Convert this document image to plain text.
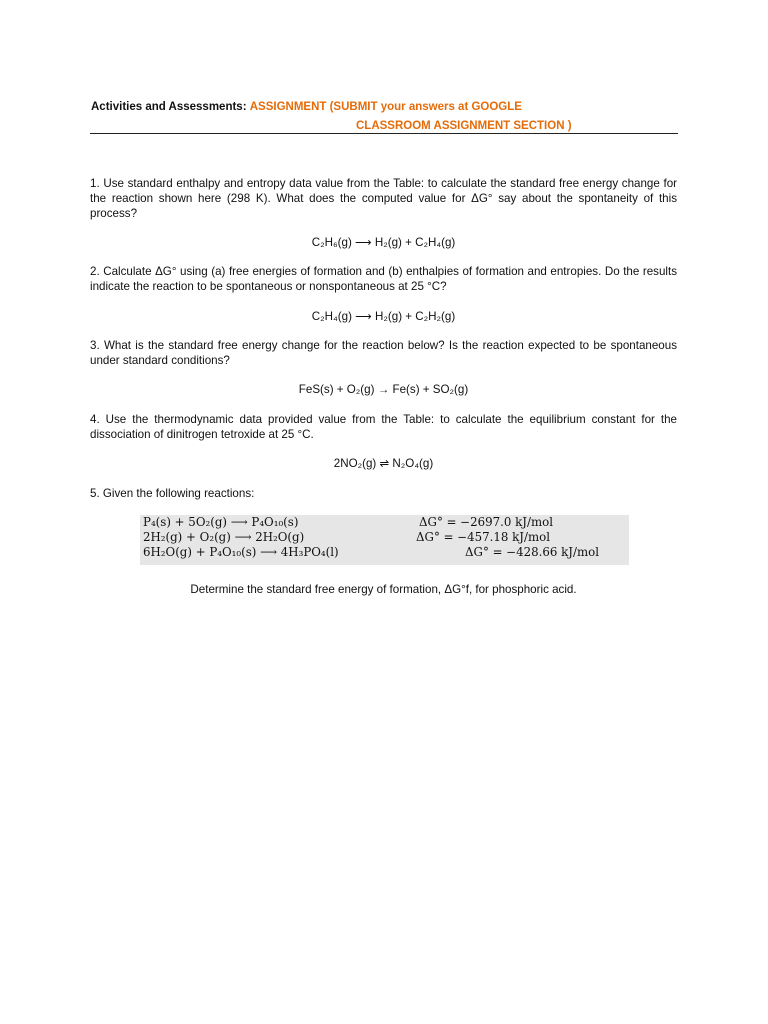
Activities and Assessments: ASSIGNMENT (SUBMIT your answers at GOOGLE
CLASSROOM ASSIGNMENT SECTION )
1. Use standard enthalpy and entropy data value from the Table: to calculate the standard free energy change for the reaction shown here (298 K). What does the computed value for ΔG° say about the spontaneity of this process?
C₂H₆(g) ⟶ H₂(g) + C₂H₄(g)
2. Calculate ΔG° using (a) free energies of formation and (b) enthalpies of formation and entropies. Do the results indicate the reaction to be spontaneous or nonspontaneous at 25 °C?
C₂H₄(g) ⟶ H₂(g) + C₂H₂(g)
3. What is the standard free energy change for the reaction below? Is the reaction expected to be spontaneous under standard conditions?
FeS(s) + O₂(g) → Fe(s) + SO₂(g)
4. Use the thermodynamic data provided value from the Table: to calculate the equilibrium constant for the dissociation of dinitrogen tetroxide at 25 °C.
2NO₂(g) ⇌ N₂O₄(g)
5. Given the following reactions:
P₄(s) + 5O₂(g) ⟶ P₄O₁₀(s)	ΔG° = −2697.0 kJ/mol
2H₂(g) + O₂(g) ⟶ 2H₂O(g)	ΔG° = −457.18 kJ/mol
6H₂O(g) + P₄O₁₀(s) ⟶ 4H₃PO₄(l)	ΔG° = −428.66 kJ/mol
Determine the standard free energy of formation, ΔG°f, for phosphoric acid.
